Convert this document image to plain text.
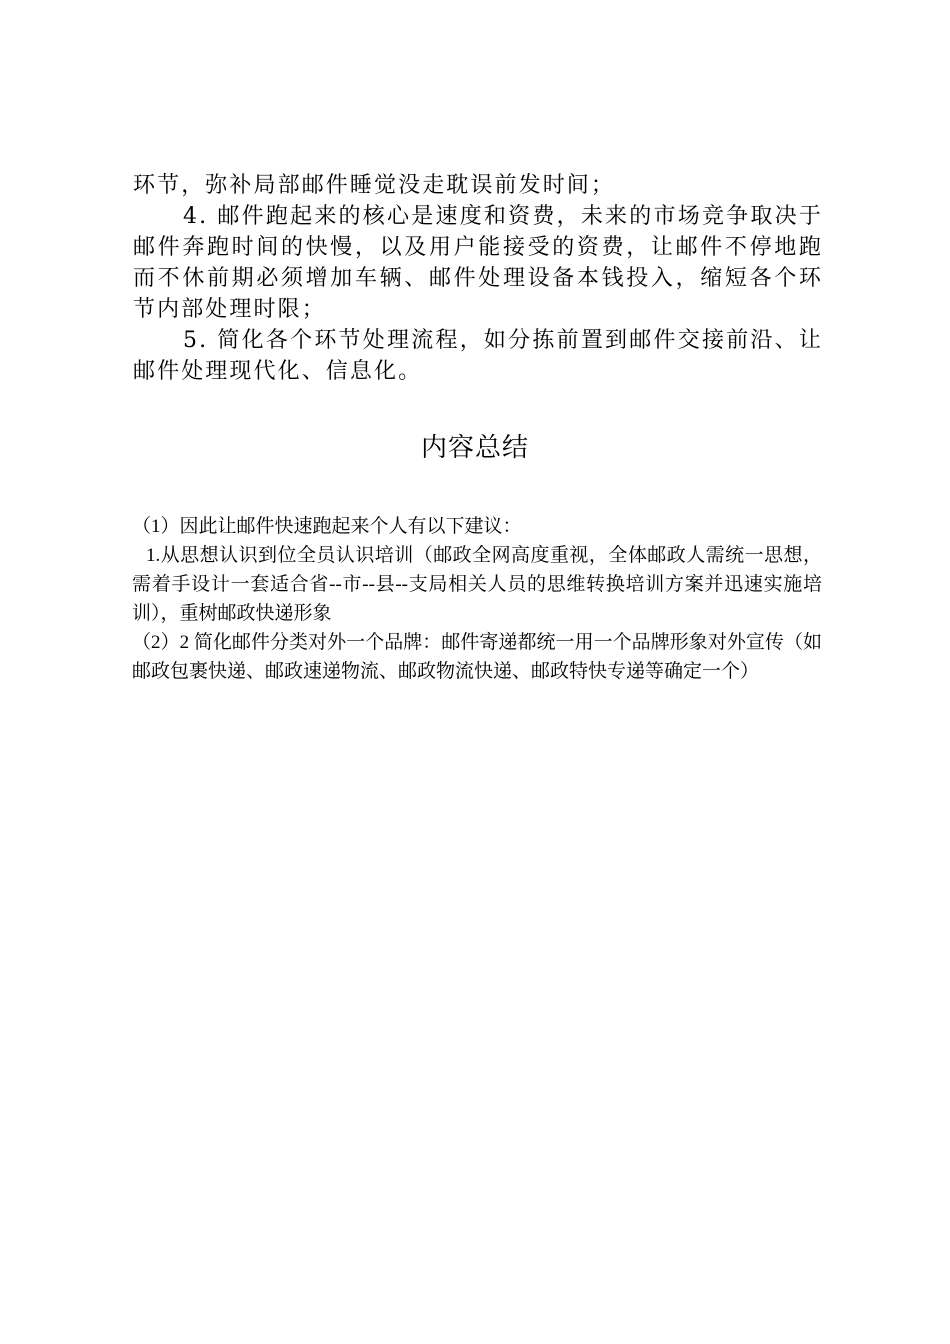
环节，弥补局部邮件睡觉没走耽误前发时间；

4. 邮件跑起来的核心是速度和资费，未来的市场竞争取决于邮件奔跑时间的快慢，以及用户能接受的资费，让邮件不停地跑而不休前期必须增加车辆、邮件处理设备本钱投入，缩短各个环节内部处理时限；

5. 简化各个环节处理流程，如分拣前置到邮件交接前沿、让邮件处理现代化、信息化。

内容总结

（1）因此让邮件快速跑起来个人有以下建议：

1.从思想认识到位全员认识培训（邮政全网高度重视，全体邮政人需统一思想，需着手设计一套适合省--市--县--支局相关人员的思维转换培训方案并迅速实施培训），重树邮政快递形象

（2）2 简化邮件分类对外一个品牌：邮件寄递都统一用一个品牌形象对外宣传（如邮政包裹快递、邮政速递物流、邮政物流快递、邮政特快专递等确定一个）
